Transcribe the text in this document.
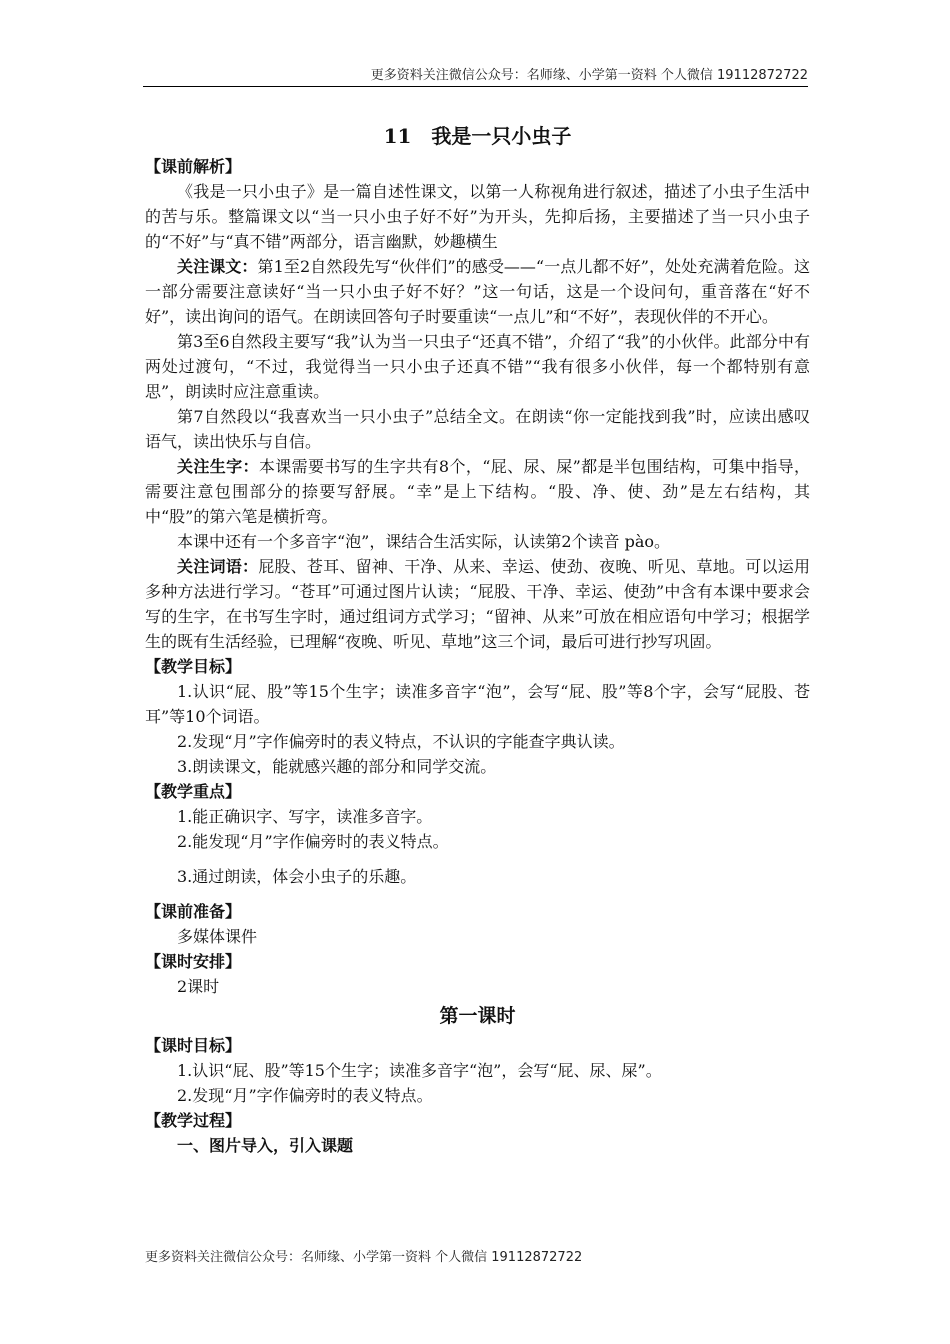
更多资料关注微信公众号：名师缘、小学第一资料 个人微信 19112872722
11　我是一只小虫子

【课前解析】

《我是一只小虫子》是一篇自述性课文，以第一人称视角进行叙述，描述了小虫子生活中的苦与乐。整篇课文以“当一只小虫子好不好”为开头，先抑后扬，主要描述了当一只小虫子的“不好”与“真不错”两部分，语言幽默，妙趣横生

关注课文：第1至2自然段先写“伙伴们”的感受——“一点儿都不好”，处处充满着危险。这一部分需要注意读好“当一只小虫子好不好？”这一句话，这是一个设问句，重音落在“好不好”，读出询问的语气。在朗读回答句子时要重读“一点儿”和“不好”，表现伙伴的不开心。

第3至6自然段主要写“我”认为当一只虫子“还真不错”，介绍了“我”的小伙伴。此部分中有两处过渡句，“不过，我觉得当一只小虫子还真不错”“我有很多小伙伴，每一个都特别有意思”，朗读时应注意重读。

第7自然段以“我喜欢当一只小虫子”总结全文。在朗读“你一定能找到我”时，应读出感叹语气，读出快乐与自信。

关注生字：本课需要书写的生字共有8个，“屁、尿、屎”都是半包围结构，可集中指导，需要注意包围部分的捺要写舒展。“幸”是上下结构。“股、净、使、劲”是左右结构，其中“股”的第六笔是横折弯。

本课中还有一个多音字“泡”，课结合生活实际，认读第2个读音 pào。

关注词语：屁股、苍耳、留神、干净、从来、幸运、使劲、夜晚、听见、草地。可以运用多种方法进行学习。“苍耳”可通过图片认读；“屁股、干净、幸运、使劲”中含有本课中要求会写的生字，在书写生字时，通过组词方式学习；“留神、从来”可放在相应语句中学习；根据学生的既有生活经验，已理解“夜晚、听见、草地”这三个词，最后可进行抄写巩固。

【教学目标】

1.认识“屁、股”等15个生字；读准多音字“泡”，会写“屁、股”等8个字，会写“屁股、苍耳”等10个词语。

2.发现“月”字作偏旁时的表义特点，不认识的字能查字典认读。

3.朗读课文，能就感兴趣的部分和同学交流。

【教学重点】

1.能正确识字、写字，读准多音字。

2.能发现“月”字作偏旁时的表义特点。

3.通过朗读，体会小虫子的乐趣。

【课前准备】

多媒体课件

【课时安排】

2课时

第一课时

【课时目标】

1.认识“屁、股”等15个生字；读准多音字“泡”，会写“屁、尿、屎”。

2.发现“月”字作偏旁时的表义特点。

【教学过程】

一、图片导入，引入课题

更多资料关注微信公众号：名师缘、小学第一资料 个人微信 19112872722
